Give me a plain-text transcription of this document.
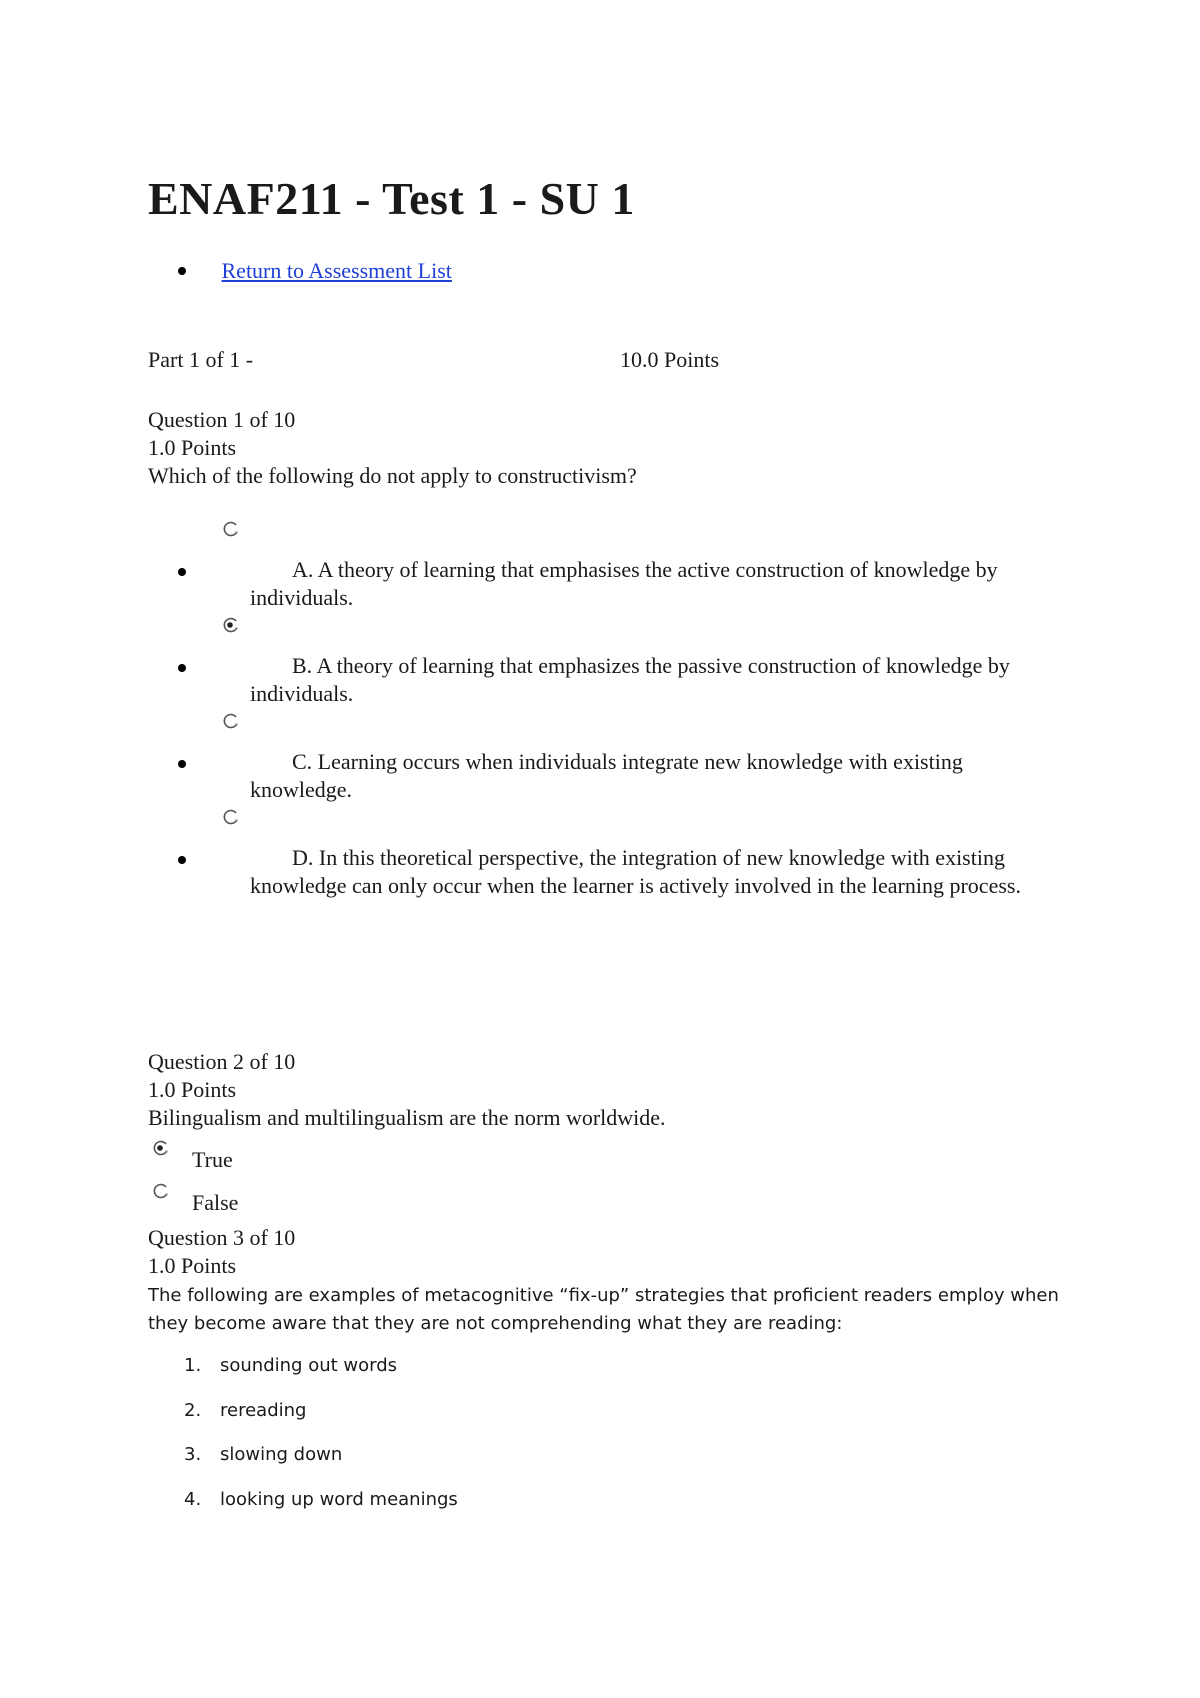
ENAF211 - Test 1 - SU 1
Return to Assessment List
Part 1 of 1 -	10.0 Points
Question 1 of 10
1.0 Points
Which of the following do not apply to constructivism?
A. A theory of learning that emphasises the active construction of knowledge by individuals.
B. A theory of learning that emphasizes the passive construction of knowledge by individuals.
C. Learning occurs when individuals integrate new knowledge with existing knowledge.
D. In this theoretical perspective, the integration of new knowledge with existing knowledge can only occur when the learner is actively involved in the learning process.
Question 2 of 10
1.0 Points
Bilingualism and multilingualism are the norm worldwide.
True
False
Question 3 of 10
1.0 Points
The following are examples of metacognitive “fix-up” strategies that proficient readers employ when they become aware that they are not comprehending what they are reading:
1. sounding out words
2. rereading
3. slowing down
4. looking up word meanings
